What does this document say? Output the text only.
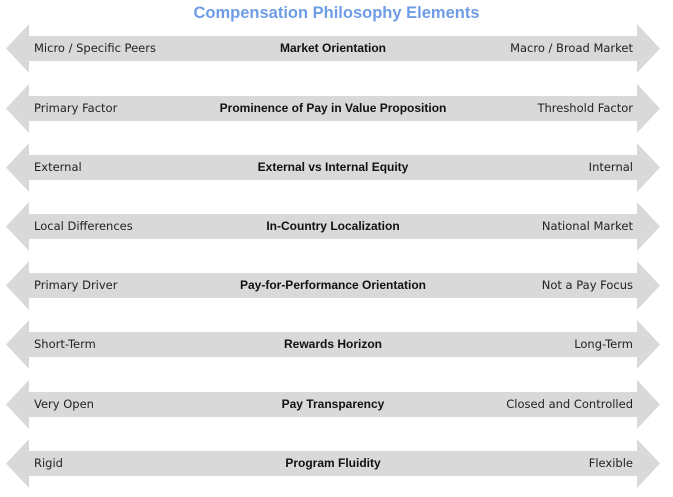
Compensation Philosophy Elements
Micro / Specific Peers	Market Orientation	Macro / Broad Market
Primary Factor	Prominence of Pay in Value Proposition	Threshold Factor
External	External vs Internal Equity	Internal
Local Differences	In-Country Localization	National Market
Primary Driver	Pay-for-Performance Orientation	Not a Pay Focus
Short-Term	Rewards Horizon	Long-Term
Very Open	Pay Transparency	Closed and Controlled
Rigid	Program Fluidity	Flexible
